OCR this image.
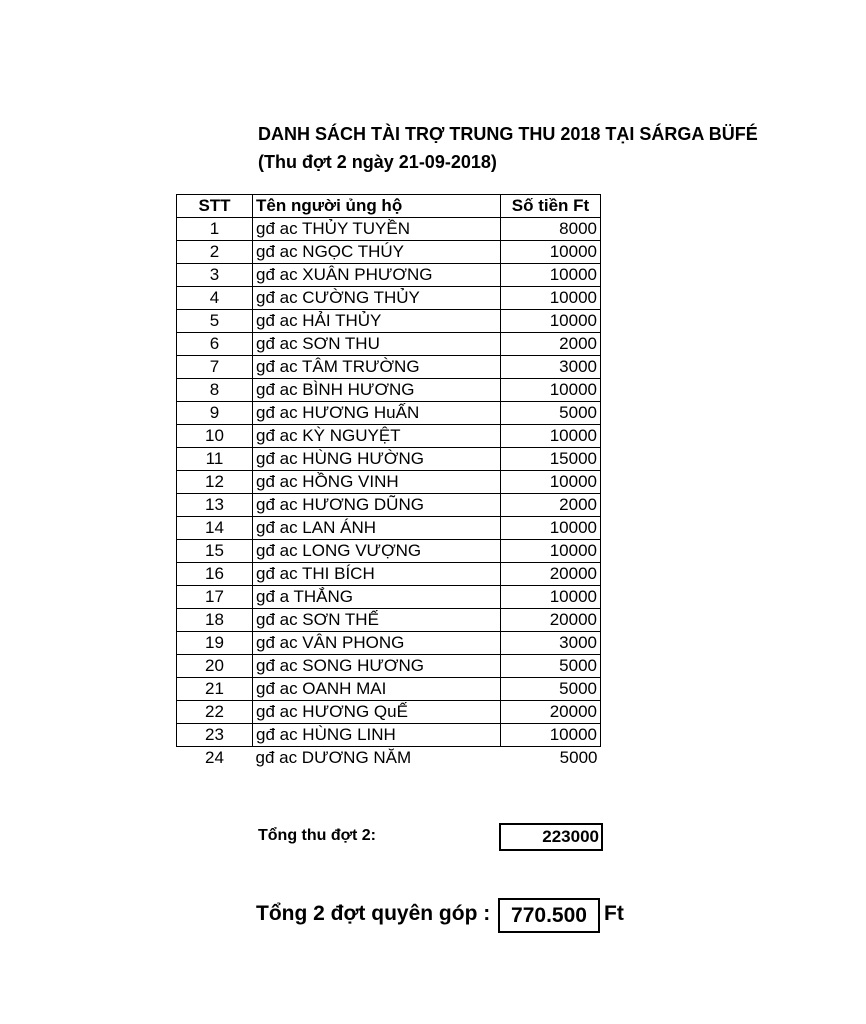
DANH SÁCH TÀI TRỢ TRUNG THU 2018 TẠI SÁRGA BÜFÉ
(Thu đợt 2 ngày 21-09-2018)
STT	Tên người ủng hộ	Số tiền Ft
1	gđ ac THỦY TUYỀN	8000
2	gđ ac NGỌC THÚY	10000
3	gđ ac XUÂN PHƯƠNG	10000
4	gđ ac CƯỜNG THỦY	10000
5	gđ ac HẢI THỦY	10000
6	gđ ac SƠN THU	2000
7	gđ ac TÂM TRƯỜNG	3000
8	gđ ac BÌNH HƯƠNG	10000
9	gđ ac HƯƠNG HuẤN	5000
10	gđ ac KỲ NGUYỆT	10000
11	gđ ac HÙNG HƯỜNG	15000
12	gđ ac HỒNG VINH	10000
13	gđ ac HƯƠNG DŨNG	2000
14	gđ ac LAN ÁNH	10000
15	gđ ac LONG VƯỢNG	10000
16	gđ ac THI BÍCH	20000
17	gđ a THẮNG	10000
18	gđ ac SƠN THẾ	20000
19	gđ ac VÂN PHONG	3000
20	gđ ac SONG HƯƠNG	5000
21	gđ ac OANH MAI	5000
22	gđ ac HƯƠNG QuẾ	20000
23	gđ ac HÙNG LINH	10000
24	gđ ac DƯƠNG NĂM	5000
Tổng thu đợt 2:	223000
Tổng 2 đợt quyên góp : 770.500 Ft
